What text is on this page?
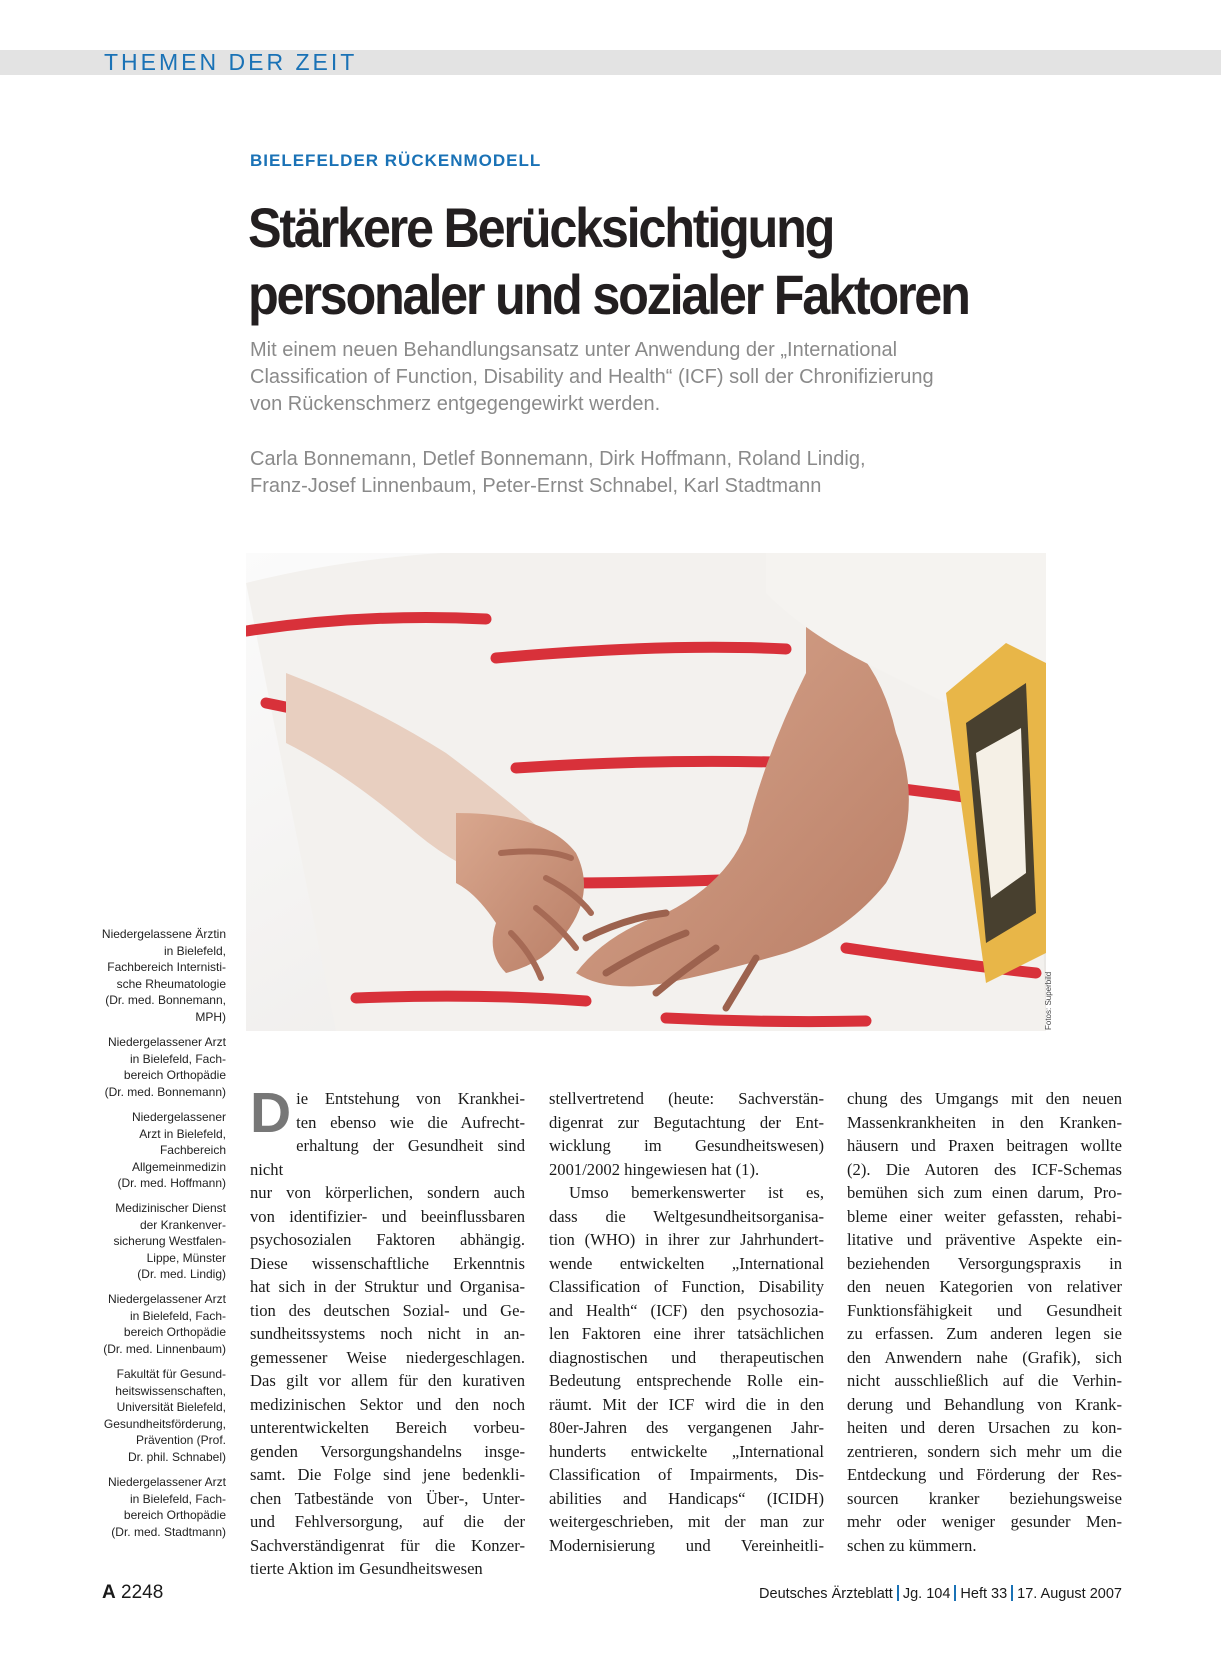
THEMEN DER ZEIT
BIELEFELDER RÜCKENMODELL
Stärkere Berücksichtigung
personaler und sozialer Faktoren
Mit einem neuen Behandlungsansatz unter Anwendung der „International
Classification of Function, Disability and Health“ (ICF) soll der Chronifizierung
von Rückenschmerz entgegengewirkt werden.
Carla Bonnemann, Detlef Bonnemann, Dirk Hoffmann, Roland Lindig,
Franz-Josef Linnenbaum, Peter-Ernst Schnabel, Karl Stadtmann
Fotos: Superbild
Niedergelassene Ärztin
in Bielefeld,
Fachbereich Internisti-
sche Rheumatologie
(Dr. med. Bonnemann,
MPH)
Niedergelassener Arzt
in Bielefeld, Fach-
bereich Orthopädie
(Dr. med. Bonnemann)
Niedergelassener
Arzt in Bielefeld,
Fachbereich
Allgemeinmedizin
(Dr. med. Hoffmann)
Medizinischer Dienst
der Krankenver-
sicherung Westfalen-
Lippe, Münster
(Dr. med. Lindig)
Niedergelassener Arzt
in Bielefeld, Fach-
bereich Orthopädie
(Dr. med. Linnenbaum)
Fakultät für Gesund-
heitswissenschaften,
Universität Bielefeld,
Gesundheitsförderung,
Prävention (Prof.
Dr. phil. Schnabel)
Niedergelassener Arzt
in Bielefeld, Fach-
bereich Orthopädie
(Dr. med. Stadtmann)
D ie Entstehung von Krankhei-
ten ebenso wie die Aufrecht-
erhaltung der Gesundheit sind nicht
nur von körperlichen, sondern auch
von identifizier- und beeinflussbaren
psychosozialen Faktoren abhängig.
Diese wissenschaftliche Erkenntnis
hat sich in der Struktur und Organisa-
tion des deutschen Sozial- und Ge-
sundheitssystems noch nicht in an-
gemessener Weise niedergeschlagen.
Das gilt vor allem für den kurativen
medizinischen Sektor und den noch
unterentwickelten Bereich vorbeu-
genden Versorgungshandelns insge-
samt. Die Folge sind jene bedenkli-
chen Tatbestände von Über-, Unter-
und Fehlversorgung, auf die der
Sachverständigenrat für die Konzer-
tierte Aktion im Gesundheitswesen
stellvertretend (heute: Sachverstän-
digenrat zur Begutachtung der Ent-
wicklung im Gesundheitswesen)
2001/2002 hingewiesen hat (1).
Umso bemerkenswerter ist es,
dass die Weltgesundheitsorganisa-
tion (WHO) in ihrer zur Jahrhundert-
wende entwickelten „International
Classification of Function, Disability
and Health“ (ICF) den psychosozia-
len Faktoren eine ihrer tatsächlichen
diagnostischen und therapeutischen
Bedeutung entsprechende Rolle ein-
räumt. Mit der ICF wird die in den
80er-Jahren des vergangenen Jahr-
hunderts entwickelte „International
Classification of Impairments, Dis-
abilities and Handicaps“ (ICIDH)
weitergeschrieben, mit der man zur
Modernisierung und Vereinheitli-
chung des Umgangs mit den neuen
Massenkrankheiten in den Kranken-
häusern und Praxen beitragen wollte
(2). Die Autoren des ICF-Schemas
bemühen sich zum einen darum, Pro-
bleme einer weiter gefassten, rehabi-
litative und präventive Aspekte ein-
beziehenden Versorgungspraxis in
den neuen Kategorien von relativer
Funktionsfähigkeit und Gesundheit
zu erfassen. Zum anderen legen sie
den Anwendern nahe (Grafik), sich
nicht ausschließlich auf die Verhin-
derung und Behandlung von Krank-
heiten und deren Ursachen zu kon-
zentrieren, sondern sich mehr um die
Entdeckung und Förderung der Res-
sourcen kranker beziehungsweise
mehr oder weniger gesunder Men-
schen zu kümmern.
A 2248	Deutsches Ärzteblatt Jg. 104 Heft 33 17. August 2007
